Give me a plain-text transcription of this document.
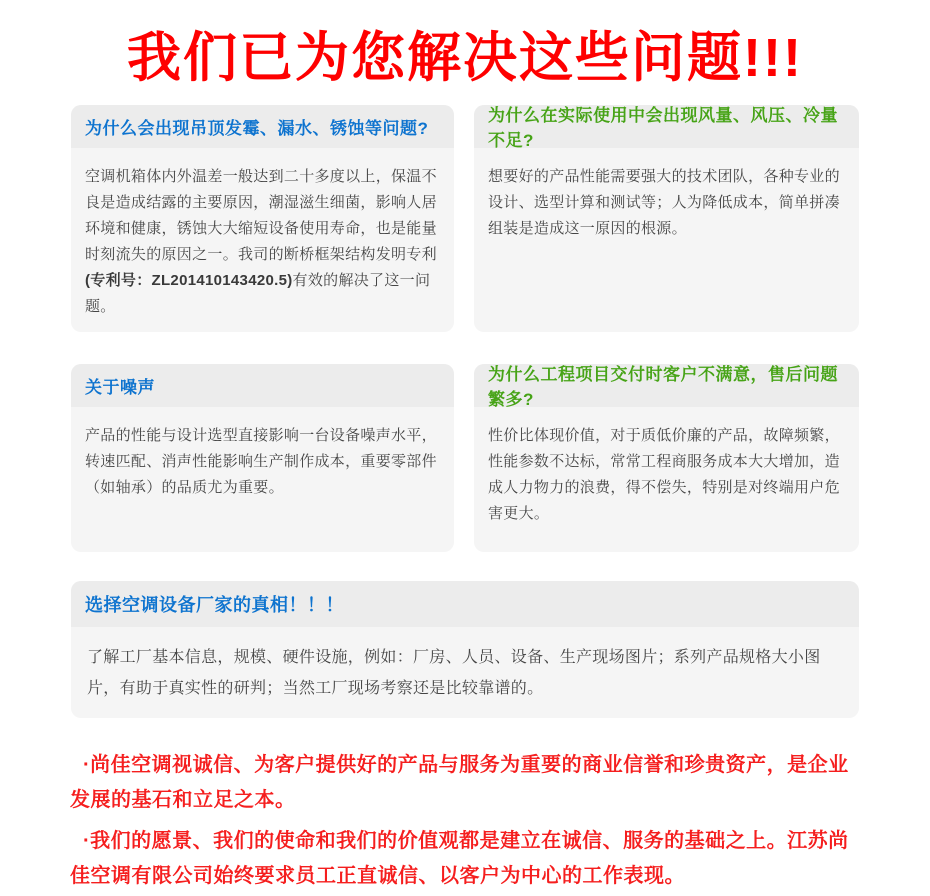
我们已为您解决这些问题!!!
为什么会出现吊顶发霉、漏水、锈蚀等问题?
空调机箱体内外温差一般达到二十多度以上，保温不良是造成结露的主要原因，潮湿滋生细菌，影响人居环境和健康，锈蚀大大缩短设备使用寿命，也是能量时刻流失的原因之一。我司的断桥框架结构发明专利(专利号：ZL201410143420.5)有效的解决了这一问题。
为什么在实际使用中会出现风量、风压、冷量不足?
想要好的产品性能需要强大的技术团队，各种专业的设计、选型计算和测试等；人为降低成本，简单拼凑组装是造成这一原因的根源。
关于噪声
产品的性能与设计选型直接影响一台设备噪声水平，转速匹配、消声性能影响生产制作成本，重要零部件（如轴承）的品质尤为重要。
为什么工程项目交付时客户不满意，售后问题繁多?
性价比体现价值，对于质低价廉的产品，故障频繁，性能参数不达标，常常工程商服务成本大大增加，造成人力物力的浪费，得不偿失，特别是对终端用户危害更大。
选择空调设备厂家的真相！！！
了解工厂基本信息，规模、硬件设施，例如：厂房、人员、设备、生产现场图片；系列产品规格大小图片，有助于真实性的研判；当然工厂现场考察还是比较靠谱的。

·尚佳空调视诚信、为客户提供好的产品与服务为重要的商业信誉和珍贵资产，是企业发展的基石和立足之本。

·我们的愿景、我们的使命和我们的价值观都是建立在诚信、服务的基础之上。江苏尚佳空调有限公司始终要求员工正直诚信、以客户为中心的工作表现。
